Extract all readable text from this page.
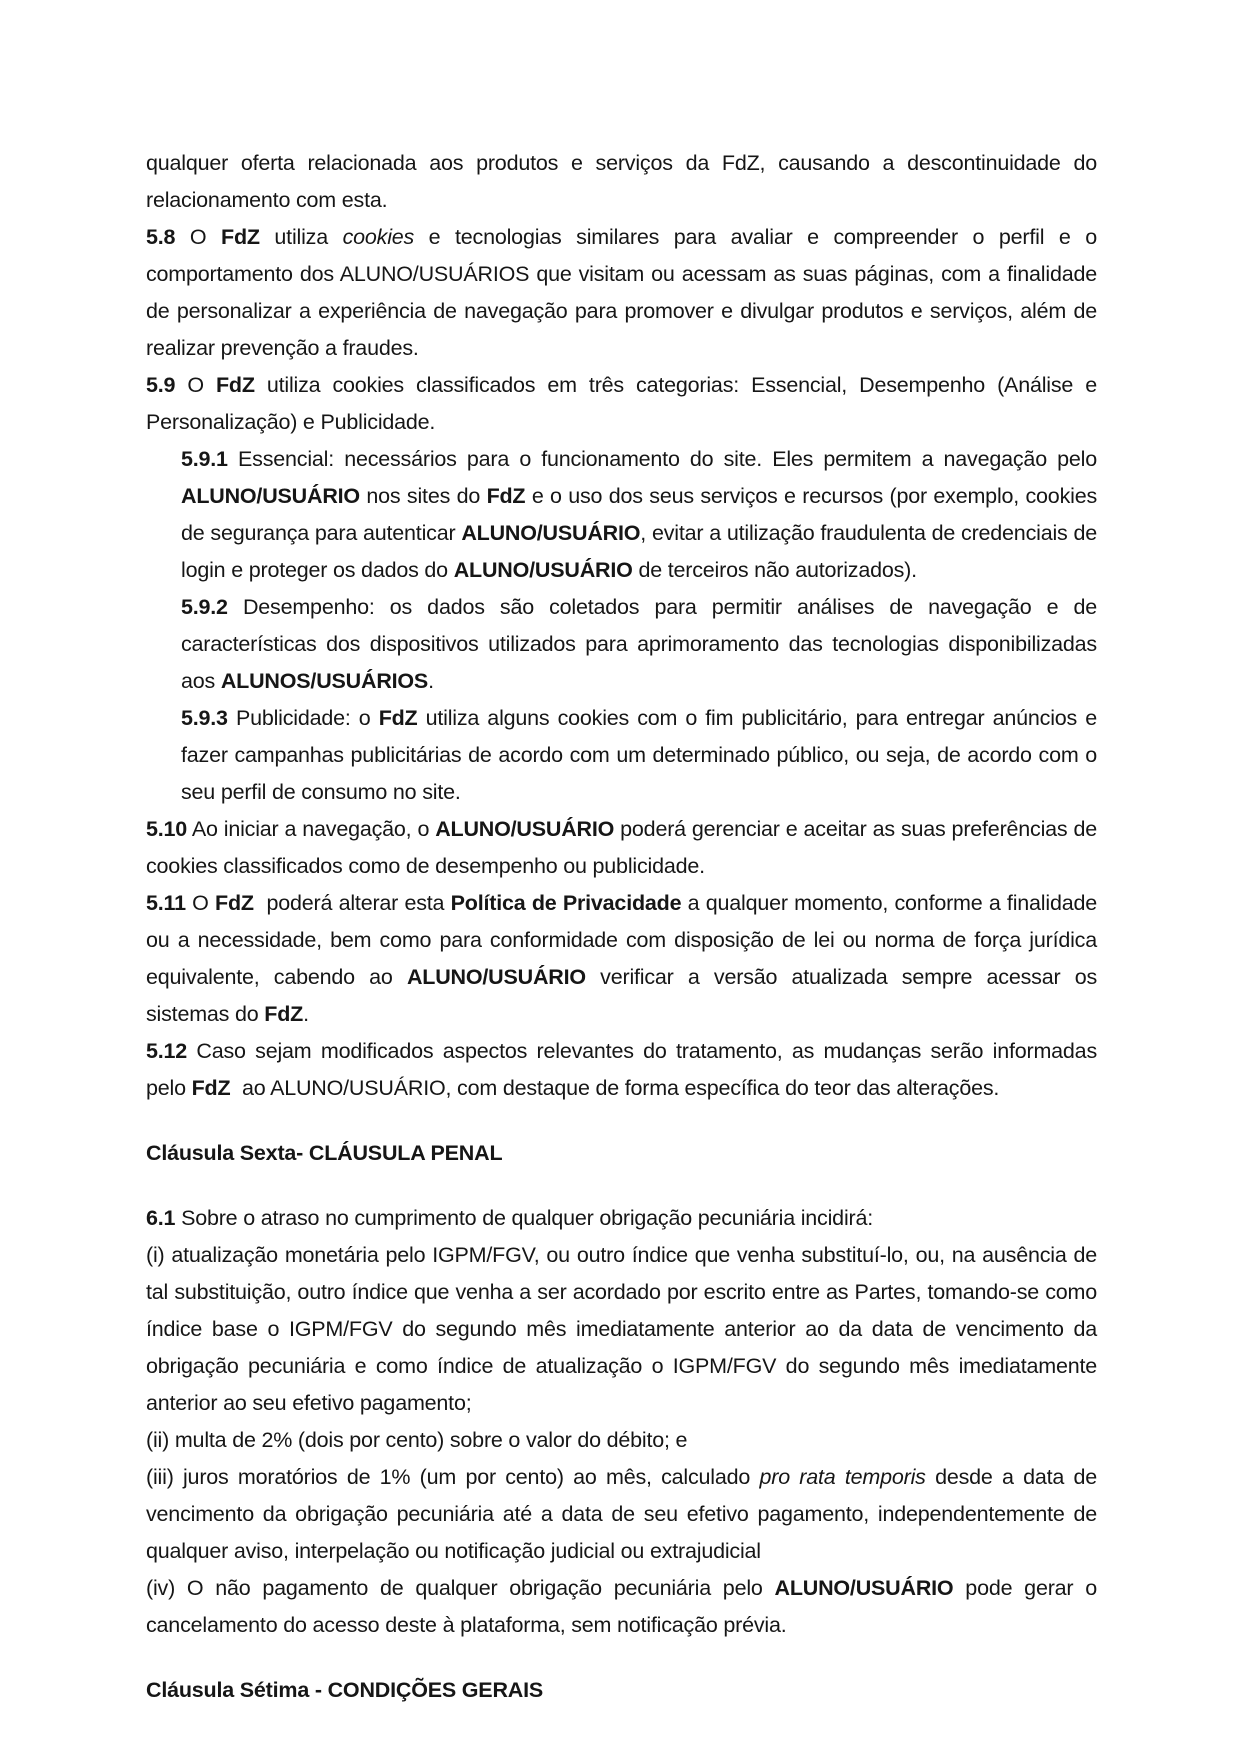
qualquer oferta relacionada aos produtos e serviços da FdZ, causando a descontinuidade do relacionamento com esta.

5.8 O FdZ utiliza cookies e tecnologias similares para avaliar e compreender o perfil e o comportamento dos ALUNO/USUÁRIOS que visitam ou acessam as suas páginas, com a finalidade de personalizar a experiência de navegação para promover e divulgar produtos e serviços, além de realizar prevenção a fraudes.

5.9 O FdZ utiliza cookies classificados em três categorias: Essencial, Desempenho (Análise e Personalização) e Publicidade.

5.9.1 Essencial: necessários para o funcionamento do site. Eles permitem a navegação pelo ALUNO/USUÁRIO nos sites do FdZ e o uso dos seus serviços e recursos (por exemplo, cookies de segurança para autenticar ALUNO/USUÁRIO, evitar a utilização fraudulenta de credenciais de login e proteger os dados do ALUNO/USUÁRIO de terceiros não autorizados).

5.9.2 Desempenho: os dados são coletados para permitir análises de navegação e de características dos dispositivos utilizados para aprimoramento das tecnologias disponibilizadas aos ALUNOS/USUÁRIOS.

5.9.3 Publicidade: o FdZ utiliza alguns cookies com o fim publicitário, para entregar anúncios e fazer campanhas publicitárias de acordo com um determinado público, ou seja, de acordo com o seu perfil de consumo no site.

5.10 Ao iniciar a navegação, o ALUNO/USUÁRIO poderá gerenciar e aceitar as suas preferências de cookies classificados como de desempenho ou publicidade.

5.11 O FdZ  poderá alterar esta Política de Privacidade a qualquer momento, conforme a finalidade ou a necessidade, bem como para conformidade com disposição de lei ou norma de força jurídica equivalente, cabendo ao ALUNO/USUÁRIO verificar a versão atualizada sempre acessar os sistemas do FdZ.

5.12 Caso sejam modificados aspectos relevantes do tratamento, as mudanças serão informadas pelo FdZ  ao ALUNO/USUÁRIO, com destaque de forma específica do teor das alterações.

Cláusula Sexta- CLÁUSULA PENAL

6.1 Sobre o atraso no cumprimento de qualquer obrigação pecuniária incidirá:

(i) atualização monetária pelo IGPM/FGV, ou outro índice que venha substituí-lo, ou, na ausência de tal substituição, outro índice que venha a ser acordado por escrito entre as Partes, tomando-se como índice base o IGPM/FGV do segundo mês imediatamente anterior ao da data de vencimento da obrigação pecuniária e como índice de atualização o IGPM/FGV do segundo mês imediatamente anterior ao seu efetivo pagamento;

(ii) multa de 2% (dois por cento) sobre o valor do débito; e

(iii) juros moratórios de 1% (um por cento) ao mês, calculado pro rata temporis desde a data de vencimento da obrigação pecuniária até a data de seu efetivo pagamento, independentemente de qualquer aviso, interpelação ou notificação judicial ou extrajudicial

(iv) O não pagamento de qualquer obrigação pecuniária pelo ALUNO/USUÁRIO pode gerar o cancelamento do acesso deste à plataforma, sem notificação prévia.

Cláusula Sétima - CONDIÇÕES GERAIS
